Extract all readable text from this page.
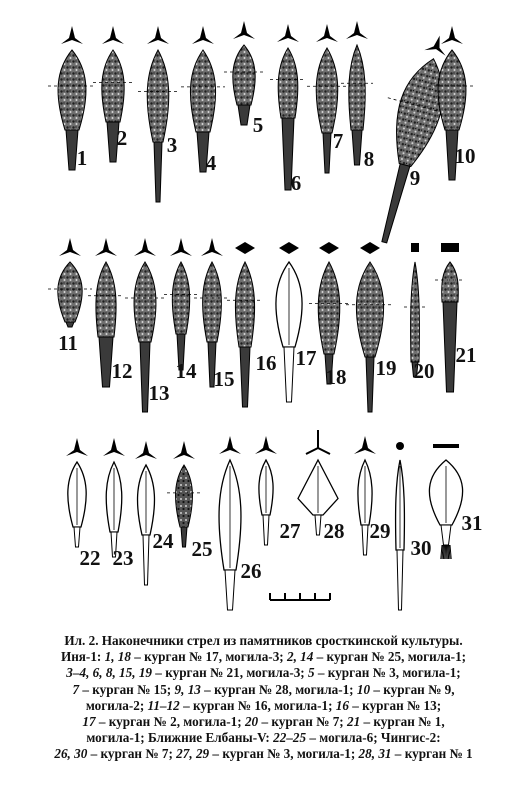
1
2 3
4
5
6
7
8
9
10
11
12
13
14 15
16 17
18 19 20
21
22 23
24 25
26
27 28 29
30
31

Ил. 2. Наконечники стрел из памятников сросткинской культуры.

Иня-1: 1, 18 – курган № 17, могила-3; 2, 14 – курган № 25, могила-1;

3–4, 6, 8, 15, 19 – курган № 21, могила-3; 5 – курган № 3, могила-1;

7 – курган № 15; 9, 13 – курган № 28, могила-1; 10 – курган № 9,

могила-2; 11–12 – курган № 16, могила-1; 16 – курган № 13;

17 – курган № 2, могила-1; 20 – курган № 7; 21 – курган № 1,

могила-1; Ближние Елбаны-V: 22–25 – могила-6; Чингис-2:

26, 30 – курган № 7; 27, 29 – курган № 3, могила-1; 28, 31 – курган № 1
